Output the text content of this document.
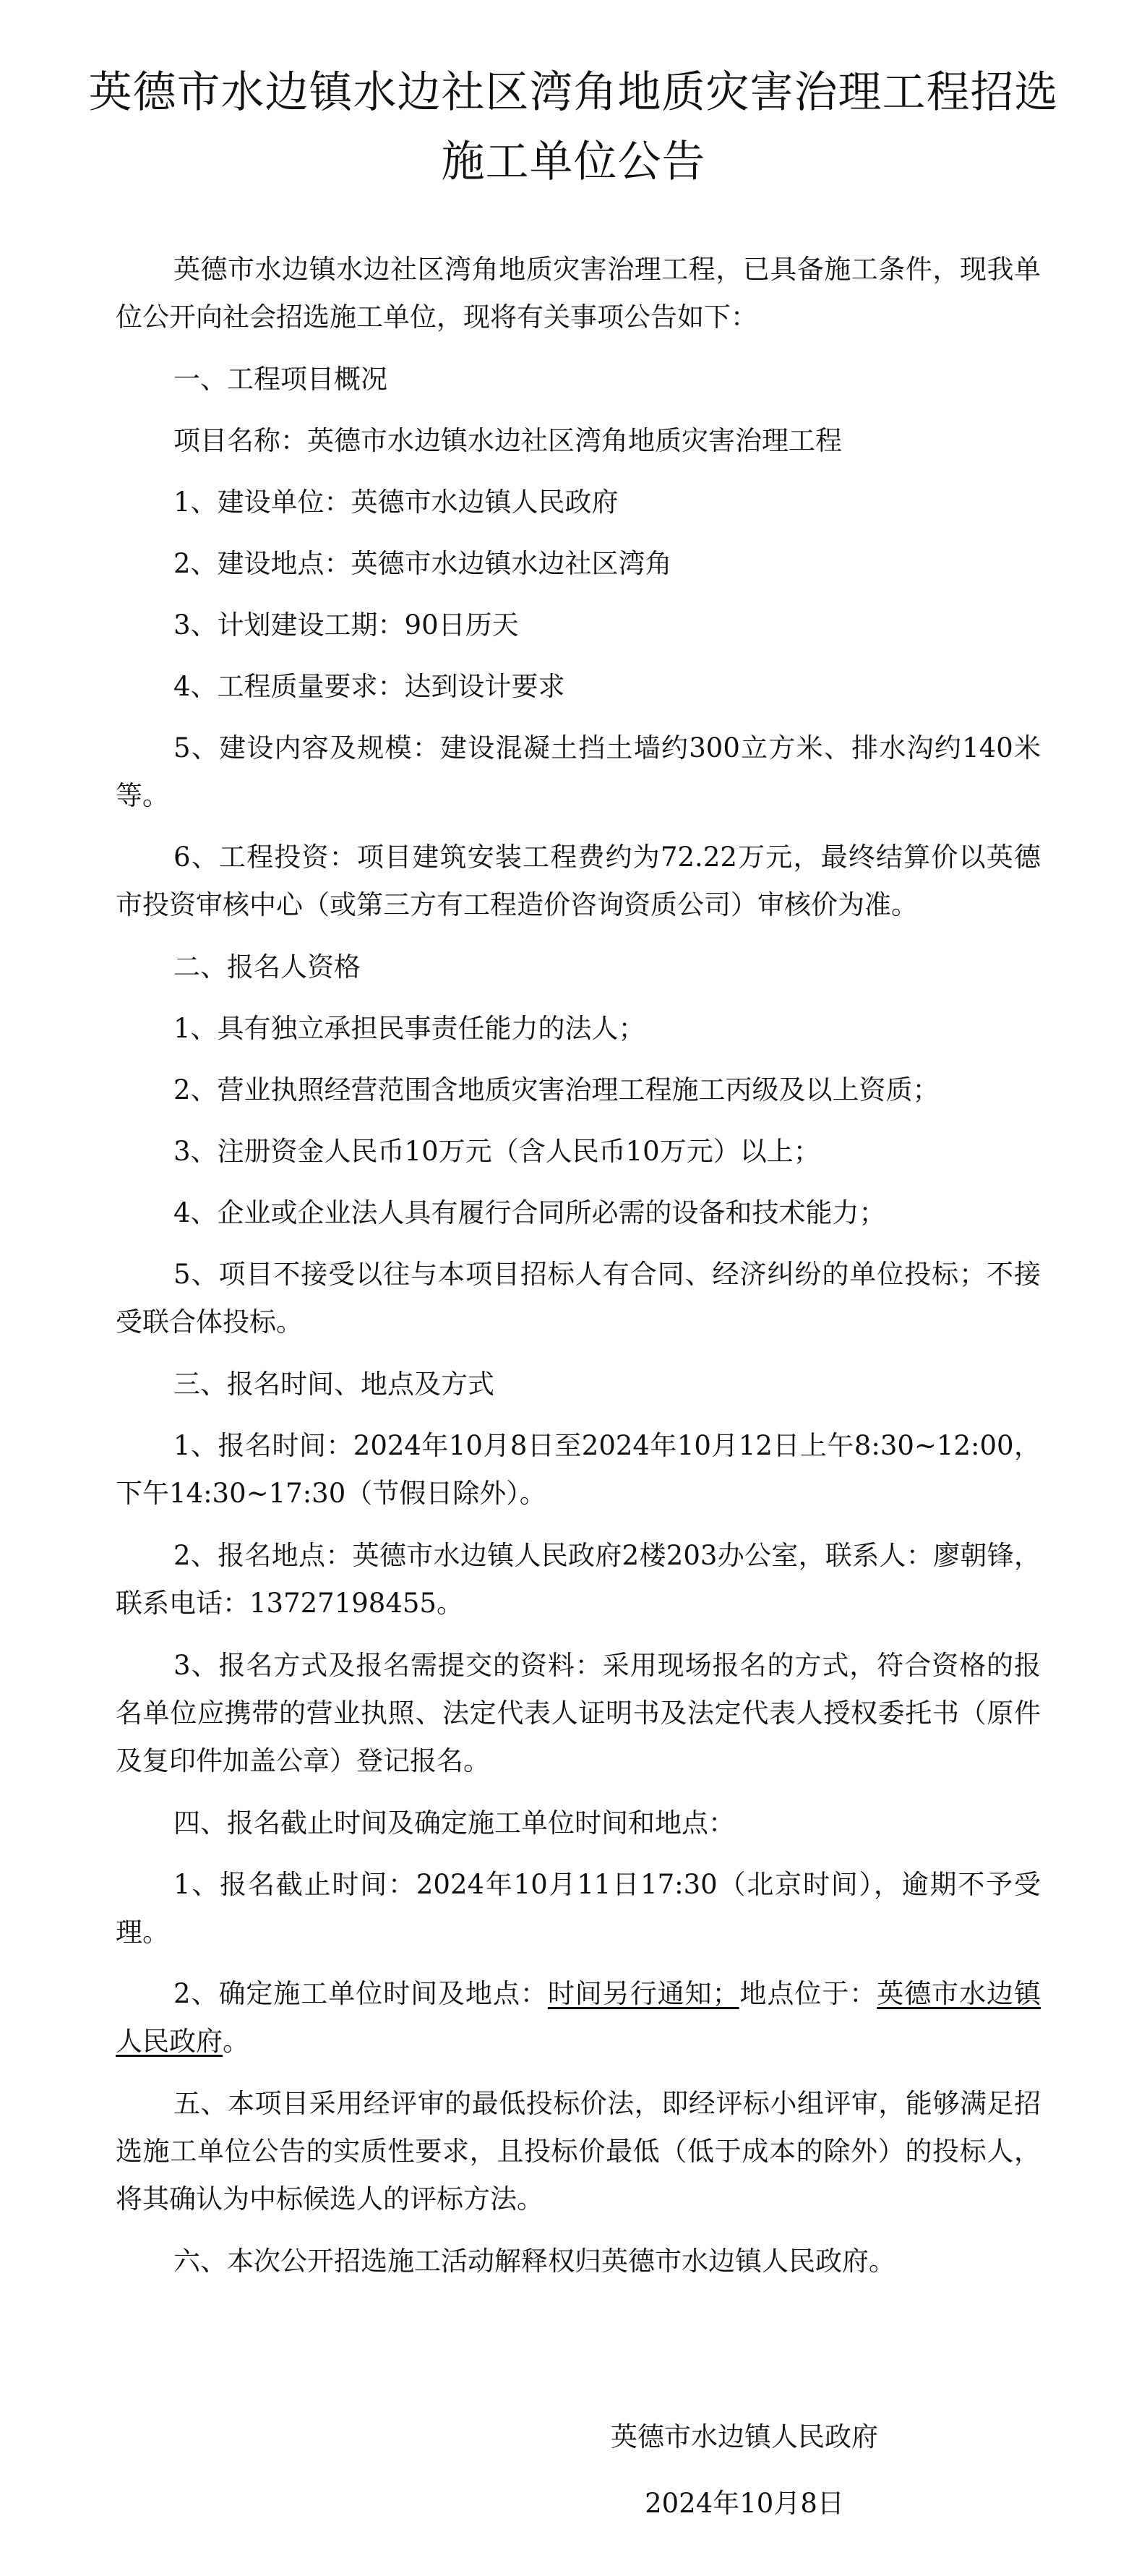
英德市水边镇水边社区湾角地质灾害治理工程招选施工单位公告

英德市水边镇水边社区湾角地质灾害治理工程，已具备施工条件，现我单位公开向社会招选施工单位，现将有关事项公告如下：

一、工程项目概况

项目名称：英德市水边镇水边社区湾角地质灾害治理工程

1、建设单位：英德市水边镇人民政府

2、建设地点：英德市水边镇水边社区湾角

3、计划建设工期：90日历天

4、工程质量要求：达到设计要求

5、建设内容及规模：建设混凝土挡土墙约300立方米、排水沟约140米等。

6、工程投资：项目建筑安装工程费约为72.22万元，最终结算价以英德市投资审核中心（或第三方有工程造价咨询资质公司）审核价为准。

二、报名人资格

1、具有独立承担民事责任能力的法人；

2、营业执照经营范围含地质灾害治理工程施工丙级及以上资质；

3、注册资金人民币10万元（含人民币10万元）以上；

4、企业或企业法人具有履行合同所必需的设备和技术能力；

5、项目不接受以往与本项目招标人有合同、经济纠纷的单位投标；不接受联合体投标。

三、报名时间、地点及方式

1、报名时间：2024年10月8日至2024年10月12日上午8:30~12:00，下午14:30~17:30（节假日除外）。

2、报名地点：英德市水边镇人民政府2楼203办公室，联系人：廖朝锋，联系电话：13727198455。

3、报名方式及报名需提交的资料：采用现场报名的方式，符合资格的报名单位应携带的营业执照、法定代表人证明书及法定代表人授权委托书（原件及复印件加盖公章）登记报名。

四、报名截止时间及确定施工单位时间和地点：

1、报名截止时间：2024年10月11日17:30（北京时间），逾期不予受理。

2、确定施工单位时间及地点：时间另行通知；地点位于：英德市水边镇人民政府。

五、本项目采用经评审的最低投标价法，即经评标小组评审，能够满足招选施工单位公告的实质性要求，且投标价最低（低于成本的除外）的投标人，将其确认为中标候选人的评标方法。

六、本次公开招选施工活动解释权归英德市水边镇人民政府。

英德市水边镇人民政府
2024年10月8日
